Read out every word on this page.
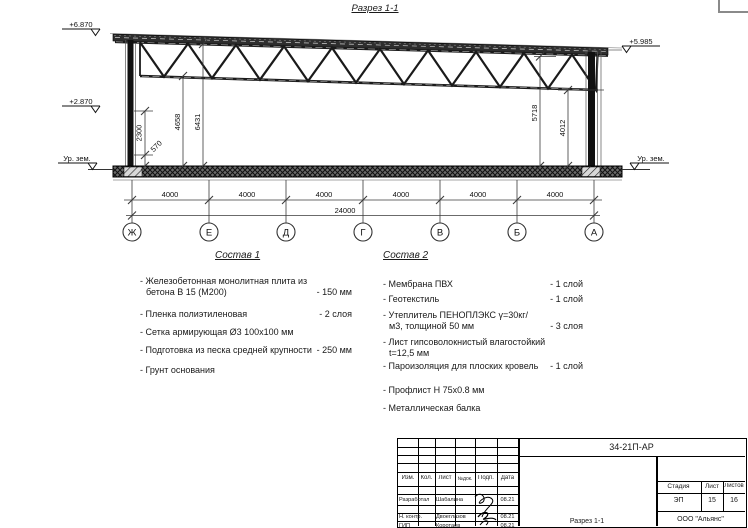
Разрез 1-1
+6.870
+2.870
Ур. зем.
+5.985
Ур. зем.
2300
570
4658 6431
5718
4012
4000	4000	4000	4000	4000	4000
24000
Ж	Е	Д	Г	В	Б	А
Состав 1
- Железобетонная монолитная плита из бетона В 15 (М200)	- 150 мм
- Пленка полиэтиленовая	- 2 слоя
- Сетка армирующая Ø3 100х100 мм
- Подготовка из песка средней крупности - 250 мм
- Грунт основания
Состав 2
- Мембрана ПВХ	- 1 слой
- Геотекстиль	- 1 слой
- Утеплитель ПЕНОПЛЭКС γ=30кг/м3, толщиной 50 мм	- 3 слоя
- Лист гипсоволокнистый влагостойкий t=12,5 мм
- Пароизоляция для плоских кровель - 1 слой
- Профлист Н 75х0.8 мм
- Металлическая балка
34-21П-АР
Изм.	Кол.	Лист	№док. Подп.	Дата
Разработал	Шабалина	08.21
Н. контр.	Двоеглазов	08.21
ГИП	Коротаев	08.21
Стадия	Лист Листов
ЭП	15	16
Разрез 1-1	ООО "Альянс"
